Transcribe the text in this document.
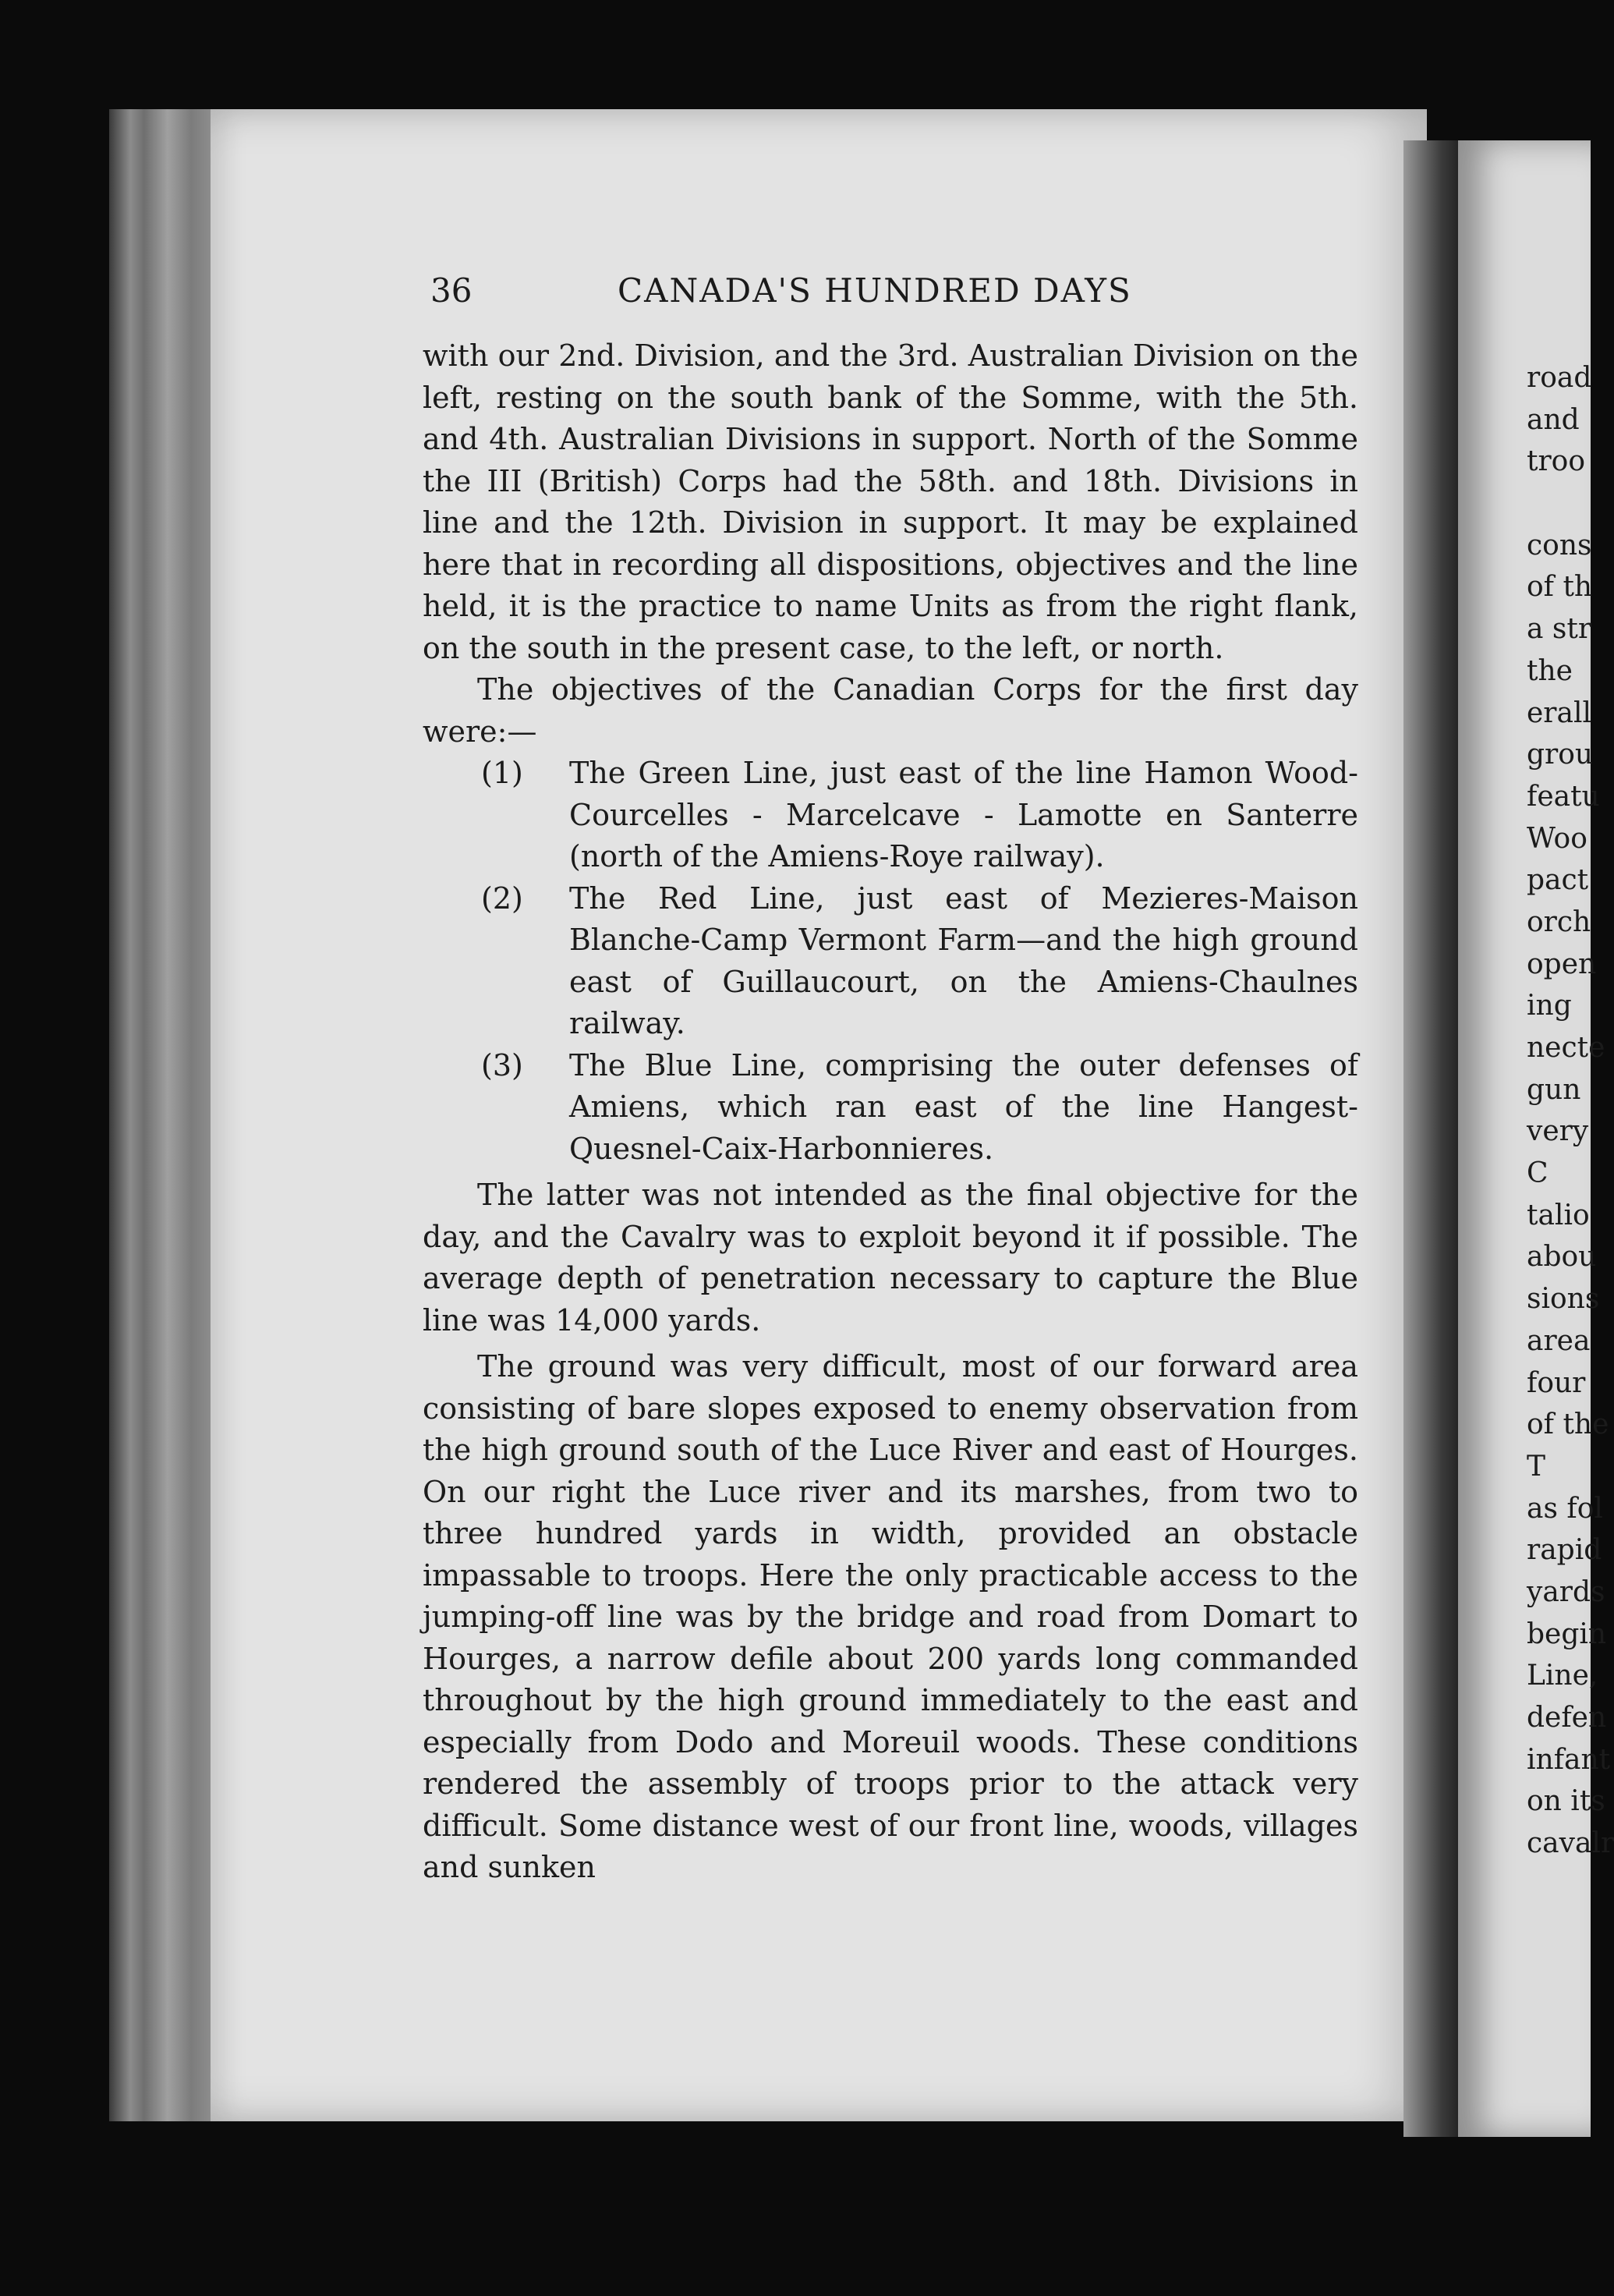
36	CANADA'S HUNDRED DAYS

with our 2nd. Division, and the 3rd. Australian Division on the left, resting on the south bank of the Somme, with the 5th. and 4th. Australian Divisions in support. North of the Somme the III (British) Corps had the 58th. and 18th. Divisions in line and the 12th. Division in support. It may be explained here that in recording all dispositions, objectives and the line held, it is the practice to name Units as from the right flank, on the south in the present case, to the left, or north.

The objectives of the Canadian Corps for the first day were:—

(1) The Green Line, just east of the line Hamon Wood-Courcelles - Marcelcave - Lamotte en Santerre (north of the Amiens-Roye railway).
(2) The Red Line, just east of Mezieres-Maison Blanche-Camp Vermont Farm—and the high ground east of Guillaucourt, on the Amiens-Chaulnes railway.
(3) The Blue Line, comprising the outer defenses of Amiens, which ran east of the line Hangest-Quesnel-Caix-Harbonnieres.

The latter was not intended as the final objective for the day, and the Cavalry was to exploit beyond it if possible. The average depth of penetration necessary to capture the Blue line was 14,000 yards.

The ground was very difficult, most of our forward area consisting of bare slopes exposed to enemy observation from the high ground south of the Luce River and east of Hourges. On our right the Luce river and its marshes, from two to three hundred yards in width, provided an obstacle impassable to troops. Here the only practicable access to the jumping-off line was by the bridge and road from Domart to Hourges, a narrow defile about 200 yards long commanded throughout by the high ground immediately to the east and especially from Dodo and Moreuil woods. These conditions rendered the assembly of troops prior to the attack very difficult. Some distance west of our front line, woods, villages and sunken

road
and
troo
cons
of th
a str
the
erall
grou
featu
Woo
pact
orch
open
ing
necte
gun
very
C
talio
abou
sions
area
four
of the
T
as fol
rapid
yards
begin
Line,
defen
infant
on its
cavalr
